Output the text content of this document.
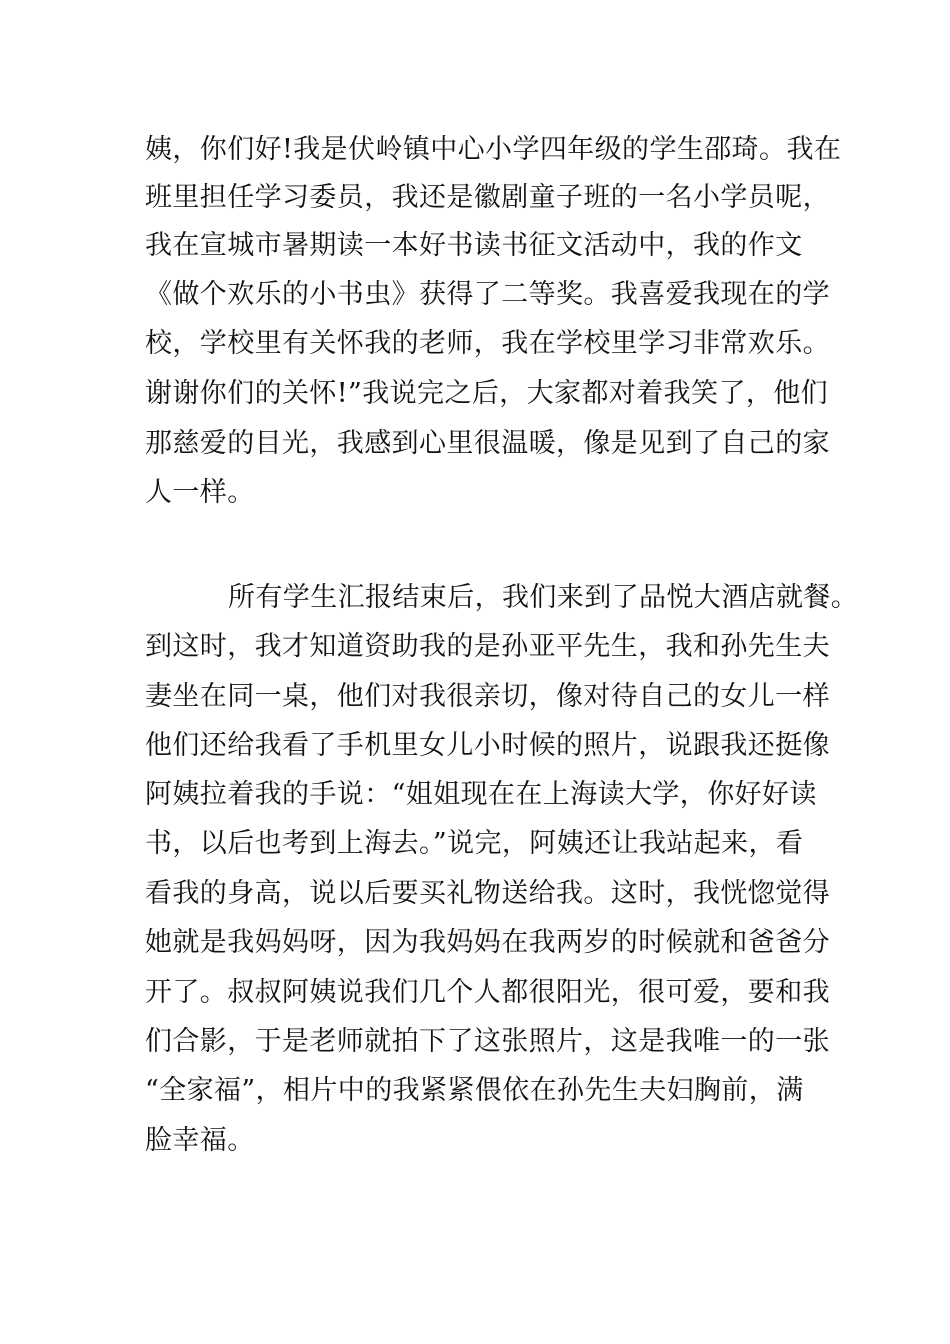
姨，你们好!我是伏岭镇中心小学四年级的学生邵琦。我在
班里担任学习委员，我还是徽剧童子班的一名小学员呢，
我在宣城市暑期读一本好书读书征文活动中，我的作文
《做个欢乐的小书虫》获得了二等奖。我喜爱我现在的学
校，学校里有关怀我的老师，我在学校里学习非常欢乐。
谢谢你们的关怀!”我说完之后，大家都对着我笑了，他们
那慈爱的目光，我感到心里很温暖，像是见到了自己的家
人一样。
所有学生汇报结束后，我们来到了品悦大酒店就餐。
到这时，我才知道资助我的是孙亚平先生，我和孙先生夫
妻坐在同一桌，他们对我很亲切，像对待自己的女儿一样
他们还给我看了手机里女儿小时候的照片，说跟我还挺像
阿姨拉着我的手说：“姐姐现在在上海读大学，你好好读
书，以后也考到上海去。”说完，阿姨还让我站起来，看
看我的身高，说以后要买礼物送给我。这时，我恍惚觉得
她就是我妈妈呀，因为我妈妈在我两岁的时候就和爸爸分
开了。叔叔阿姨说我们几个人都很阳光，很可爱，要和我
们合影，于是老师就拍下了这张照片，这是我唯一的一张
“全家福”，相片中的我紧紧偎依在孙先生夫妇胸前，满
脸幸福。
